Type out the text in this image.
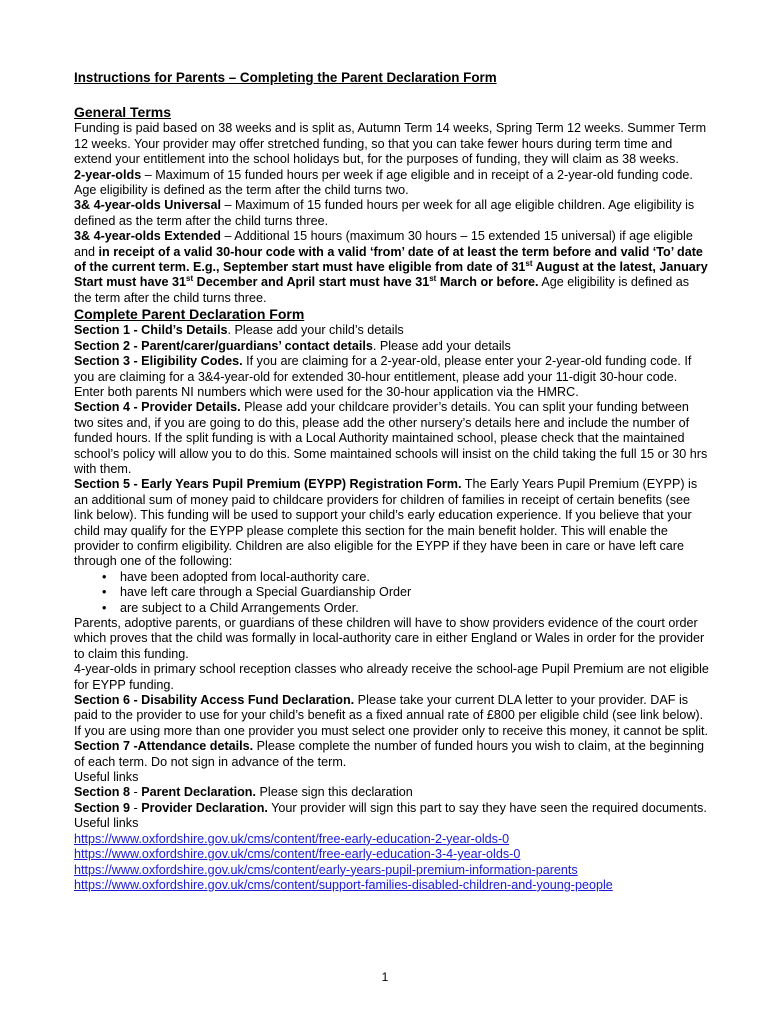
Instructions for Parents – Completing the Parent Declaration Form

General Terms

Funding is paid based on 38 weeks and is split as, Autumn Term 14 weeks, Spring Term 12 weeks. Summer Term 12 weeks. Your provider may offer stretched funding, so that you can take fewer hours during term time and extend your entitlement into the school holidays but, for the purposes of funding, they will claim as 38 weeks.

2-year-olds – Maximum of 15 funded hours per week if age eligible and in receipt of a 2-year-old funding code. Age eligibility is defined as the term after the child turns two.

3& 4-year-olds Universal – Maximum of 15 funded hours per week for all age eligible children. Age eligibility is defined as the term after the child turns three.

3& 4-year-olds Extended – Additional 15 hours (maximum 30 hours – 15 extended 15 universal) if age eligible and in receipt of a valid 30-hour code with a valid ‘from’ date of at least the term before and valid ‘To’ date of the current term. E.g., September start must have eligible from date of 31st August at the latest, January Start must have 31st December and April start must have 31st March or before. Age eligibility is defined as the term after the child turns three.

Complete Parent Declaration Form

Section 1 - Child’s Details. Please add your child’s details

Section 2 - Parent/carer/guardians’ contact details. Please add your details

Section 3 - Eligibility Codes. If you are claiming for a 2-year-old, please enter your 2-year-old funding code. If you are claiming for a 3&4-year-old for extended 30-hour entitlement, please add your 11-digit 30-hour code. Enter both parents NI numbers which were used for the 30-hour application via the HMRC.

Section 4 - Provider Details. Please add your childcare provider’s details. You can split your funding between two sites and, if you are going to do this, please add the other nursery’s details here and include the number of funded hours. If the split funding is with a Local Authority maintained school, please check that the maintained school’s policy will allow you to do this. Some maintained schools will insist on the child taking the full 15 or 30 hrs with them.

Section 5 - Early Years Pupil Premium (EYPP) Registration Form. The Early Years Pupil Premium (EYPP) is an additional sum of money paid to childcare providers for children of families in receipt of certain benefits (see link below). This funding will be used to support your child’s early education experience. If you believe that your child may qualify for the EYPP please complete this section for the main benefit holder. This will enable the provider to confirm eligibility. Children are also eligible for the EYPP if they have been in care or have left care through one of the following:

• have been adopted from local-authority care.
• have left care through a Special Guardianship Order
• are subject to a Child Arrangements Order.

Parents, adoptive parents, or guardians of these children will have to show providers evidence of the court order which proves that the child was formally in local-authority care in either England or Wales in order for the provider to claim this funding.

4-year-olds in primary school reception classes who already receive the school-age Pupil Premium are not eligible for EYPP funding.

Section 6 - Disability Access Fund Declaration. Please take your current DLA letter to your provider. DAF is paid to the provider to use for your child’s benefit as a fixed annual rate of £800 per eligible child (see link below). If you are using more than one provider you must select one provider only to receive this money, it cannot be split.

Section 7 -Attendance details. Please complete the number of funded hours you wish to claim, at the beginning of each term. Do not sign in advance of the term.

Useful links

Section 8 - Parent Declaration. Please sign this declaration

Section 9 - Provider Declaration. Your provider will sign this part to say they have seen the required documents.

Useful links

https://www.oxfordshire.gov.uk/cms/content/free-early-education-2-year-olds-0
https://www.oxfordshire.gov.uk/cms/content/free-early-education-3-4-year-olds-0
https://www.oxfordshire.gov.uk/cms/content/early-years-pupil-premium-information-parents
https://www.oxfordshire.gov.uk/cms/content/support-families-disabled-children-and-young-people
1
